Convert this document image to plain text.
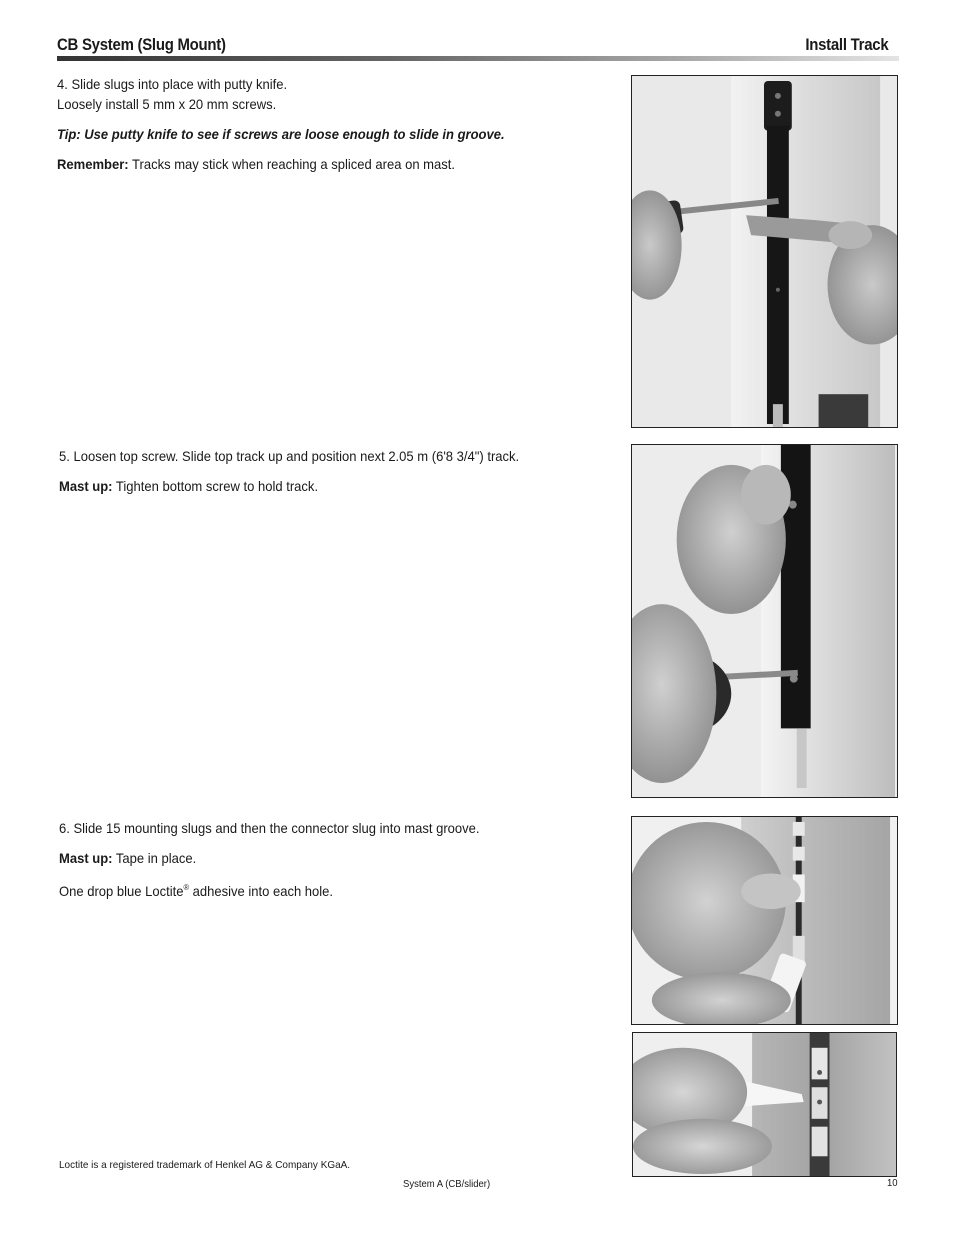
CB System (Slug Mount)	Install Track
4. Slide slugs into place with putty knife.
Loosely install 5 mm x 20 mm screws.
Tip: Use putty knife to see if screws are loose enough to slide in groove.
Remember: Tracks may stick when reaching a spliced area on mast.
5. Loosen top screw. Slide top track up and position next 2.05 m (6'8 3/4") track.
Mast up: Tighten bottom screw to hold track.
6. Slide 15 mounting slugs and then the connector slug into mast groove.
Mast up: Tape in place.
One drop blue Loctite® adhesive into each hole.
Loctite is a registered trademark of Henkel AG & Company KGaA.
System A (CB/slider)	10
